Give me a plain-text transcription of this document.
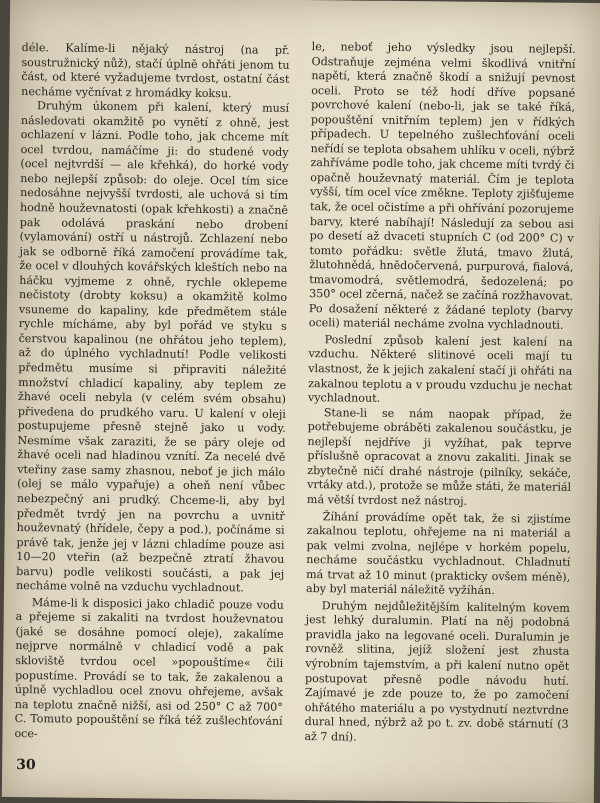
déle. Kalíme-li nějaký nástroj (na př. soustružnický nůž), stačí úplně ohřáti jenom tu část, od které vyžadujeme tvrdost, ostatní část necháme vyčnívat z hromádky koksu.

Druhým úkonem při kalení, který musí následovati okamžitě po vynětí z ohně, jest ochlazení v lázni. Podle toho, jak chceme mít ocel tvrdou, namáčíme ji: do studené vody (ocel nejtvrdší — ale křehká), do horké vody nebo nejlepší způsob: do oleje. Ocel tím sice nedosáhne nejvyšší tvrdosti, ale uchová si tím hodně houževnatosti (opak křehkosti) a značně pak odolává praskání nebo drobení (vylamování) ostří u nástrojů. Zchlazení nebo jak se odborně říká zamočení provádíme tak, že ocel v dlouhých kovářských kleštích nebo na háčku vyjmeme z ohně, rychle oklepeme nečistoty (drobty koksu) a okamžitě kolmo vsuneme do kapaliny, kde předmětem stále rychle mícháme, aby byl pořád ve styku s čerstvou kapalinou (ne ohřátou jeho teplem), až do úplného vychladnutí! Podle velikosti předmětu musíme si připraviti náležité množství chladicí kapaliny, aby teplem ze žhavé oceli nebyla (v celém svém obsahu) přivedena do prudkého varu. U kalení v oleji postupujeme přesně stejně jako u vody. Nesmíme však zaraziti, že se páry oleje od žhavé oceli nad hladinou vznítí. Za necelé dvě vteřiny zase samy zhasnou, neboť je jich málo (olej se málo vypařuje) a oheň není vůbec nebezpečný ani prudký. Chceme-li, aby byl předmět tvrdý jen na povrchu a uvnitř houževnatý (hřídele, čepy a pod.), počínáme si právě tak, jenže jej v lázni chladíme pouze asi 10—20 vteřin (až bezpečně ztratí žhavou barvu) podle velikosti součásti, a pak jej necháme volně na vzduchu vychladnout.

Máme-li k disposici jako chladič pouze vodu a přejeme si zakaliti na tvrdost houževnatou (jaké se dosáhne pomocí oleje), zakalíme nejprve normálně v chladicí vodě a pak skloviště tvrdou ocel »popouštíme« čili popustíme. Provádí se to tak, že zakalenou a úplně vychladlou ocel znovu ohřejeme, avšak na teplotu značně nižší, asi od 250° C až 700° C. Tomuto popouštění se říká též zušlechťování oce-

le, neboť jeho výsledky jsou nejlepší. Odstraňuje zejména velmi škodlivá vnitřní napětí, která značně škodí a snižují pevnost oceli. Proto se též hodí dříve popsané povrchové kalení (nebo-li, jak se také říká, popouštění vnitřním teplem) jen v řídkých případech. U tepelného zušlechťování oceli neřídí se teplota obsahem uhlíku v oceli, nýbrž zahříváme podle toho, jak chceme míti tvrdý či opačně houževnatý materiál. Čím je teplota vyšší, tím ocel více změkne. Teploty zjišťujeme tak, že ocel očistíme a při ohřívání pozorujeme barvy, které nabíhají! Následují za sebou asi po desetí až dvaceti stupních C (od 200° C) v tomto pořádku: světle žlutá, tmavo žlutá, žlutohnědá, hnědočervená, purpurová, fialová, tmavomodrá, světlemodrá, šedozelená; po 350° ocel zčerná, načež se začíná rozžhavovat. Po dosažení některé z žádané teploty (barvy oceli) materiál necháme zvolna vychladnouti.

Poslední způsob kalení jest kalení na vzduchu. Některé slitinové oceli mají tu vlastnost, že k jejich zakalení stačí ji ohřáti na zakalnou teplotu a v proudu vzduchu je nechat vychladnout.

Stane-li se nám naopak případ, že potřebujeme obráběti zakalenou součástku, je nejlepší nejdříve ji vyžíhat, pak teprve příslušně opracovat a znovu zakaliti. Jinak se zbytečně ničí drahé nástroje (pilníky, sekáče, vrtáky atd.), protože se může státi, že materiál má větší tvrdost než nástroj.

Žíhání provádíme opět tak, že si zjistíme zakalnou teplotu, ohřejeme na ni materiál a pak velmi zvolna, nejlépe v horkém popelu, necháme součástku vychladnout. Chladnutí má trvat až 10 minut (prakticky ovšem méně), aby byl materiál náležitě vyžíhán.

Druhým nejdůležitějším kalitelným kovem jest lehký duralumin. Platí na něj podobná pravidla jako na legované oceli. Duralumin je rovněž slitina, jejíž složení jest zhusta výrobním tajemstvím, a při kalení nutno opět postupovat přesně podle návodu hutí. Zajímavé je zde pouze to, že po zamočení ohřátého materiálu a po vystydnutí neztvrdne dural hned, nýbrž až po t. zv. době stárnutí (3 až 7 dní).

30
